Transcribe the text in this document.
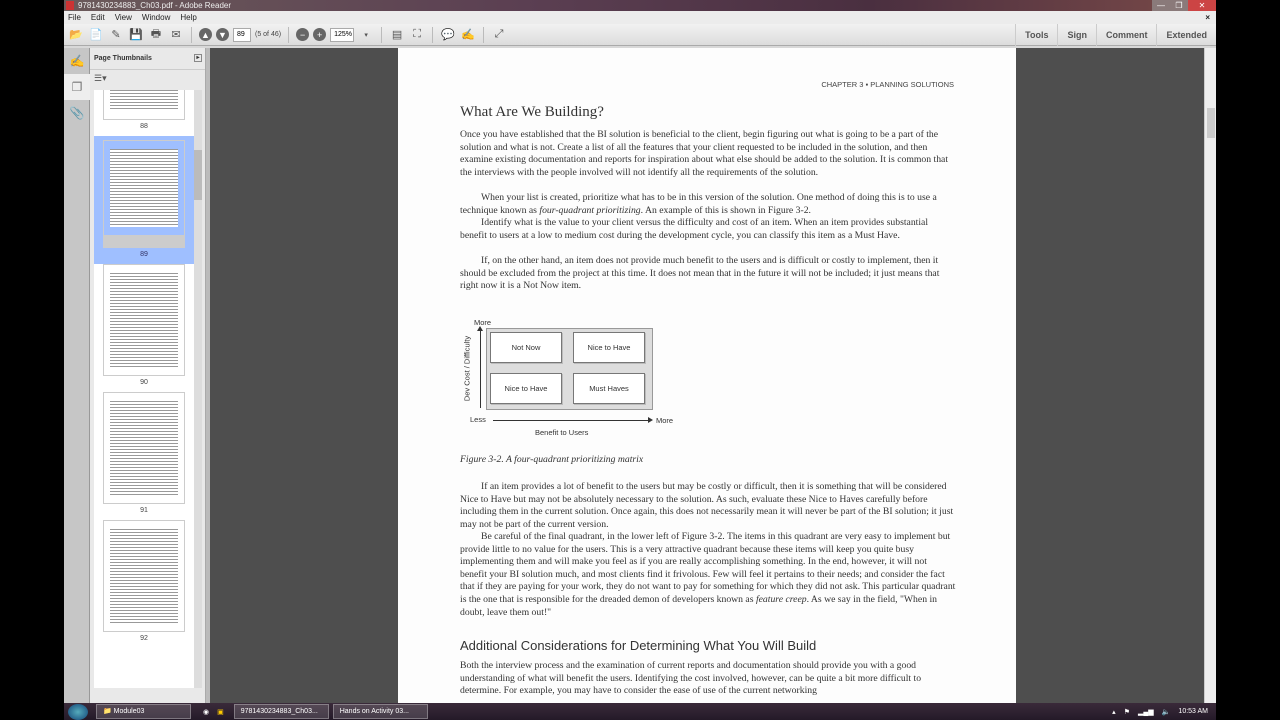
9781430234883_Ch03.pdf - Adobe Reader	—	❐	✕
File Edit View Window Help	×
📂 📄 ✎ 💾 🖶 ✉	▲ ▼	89	(5 of 46)	−	+	125%	▾	▤ ⛶	💬 ✍	⤢	Tools	Sign	Comment	Extended
✍
❐
📎
Page Thumbnails	▸
☰▾
88
89
90
91
92
CHAPTER 3 ▪ PLANNING SOLUTIONS
What Are We Building?

Once you have established that the BI solution is beneficial to the client, begin figuring out what is going to be a part of the solution and what is not. Create a list of all the features that your client requested to be included in the solution, and then examine existing documentation and reports for inspiration about what else should be added to the solution. It is common that the interviews with the people involved will not identify all the requirements of the solution.

When your list is created, prioritize what has to be in this version of the solution. One method of doing this is to use a technique known as four-quadrant prioritizing. An example of this is shown in Figure 3-2.

Identify what is the value to your client versus the difficulty and cost of an item. When an item provides substantial benefit to users at a low to medium cost during the development cycle, you can classify this item as a Must Have.

If, on the other hand, an item does not provide much benefit to the users and is difficult or costly to implement, then it should be excluded from the project at this time. It does not mean that in the future it will not be included; it just means that right now it is a Not Now item.

More
Dev Cost / Difficulty	Not Now	Nice to Have
Nice to Have	Must Haves
Less	More
Benefit to Users
Figure 3-2. A four-quadrant prioritizing matrix

If an item provides a lot of benefit to the users but may be costly or difficult, then it is something that will be considered Nice to Have but may not be absolutely necessary to the solution. As such, evaluate these Nice to Haves carefully before including them in the current solution. Once again, this does not necessarily mean it will never be part of the BI solution; it just may not be part of the current version.

Be careful of the final quadrant, in the lower left of Figure 3-2. The items in this quadrant are very easy to implement but provide little to no value for the users. This is a very attractive quadrant because these items will keep you quite busy implementing them and will make you feel as if you are really accomplishing something. In the end, however, it will not benefit your BI solution much, and most clients find it frivolous. Few will feel it pertains to their needs; and consider the fact that if they are paying for your work, they do not want to pay for something for which they did not ask. This particular quadrant is the one that is responsible for the dreaded demon of developers known as feature creep. As we say in the field, "When in doubt, leave them out!"

Additional Considerations for Determining What You Will Build

Both the interview process and the examination of current reports and documentation should provide you with a good understanding of what will benefit the users. Identifying the cost involved, however, can be quite a bit more difficult to determine. For example, you may have to consider the ease of use of the current networking

📁 Module03	◉ ▣	9781430234883_Ch03...	Hands on Activity 03...	▴ ⚑ ▂▄▆ 🔈 10:53 AM
